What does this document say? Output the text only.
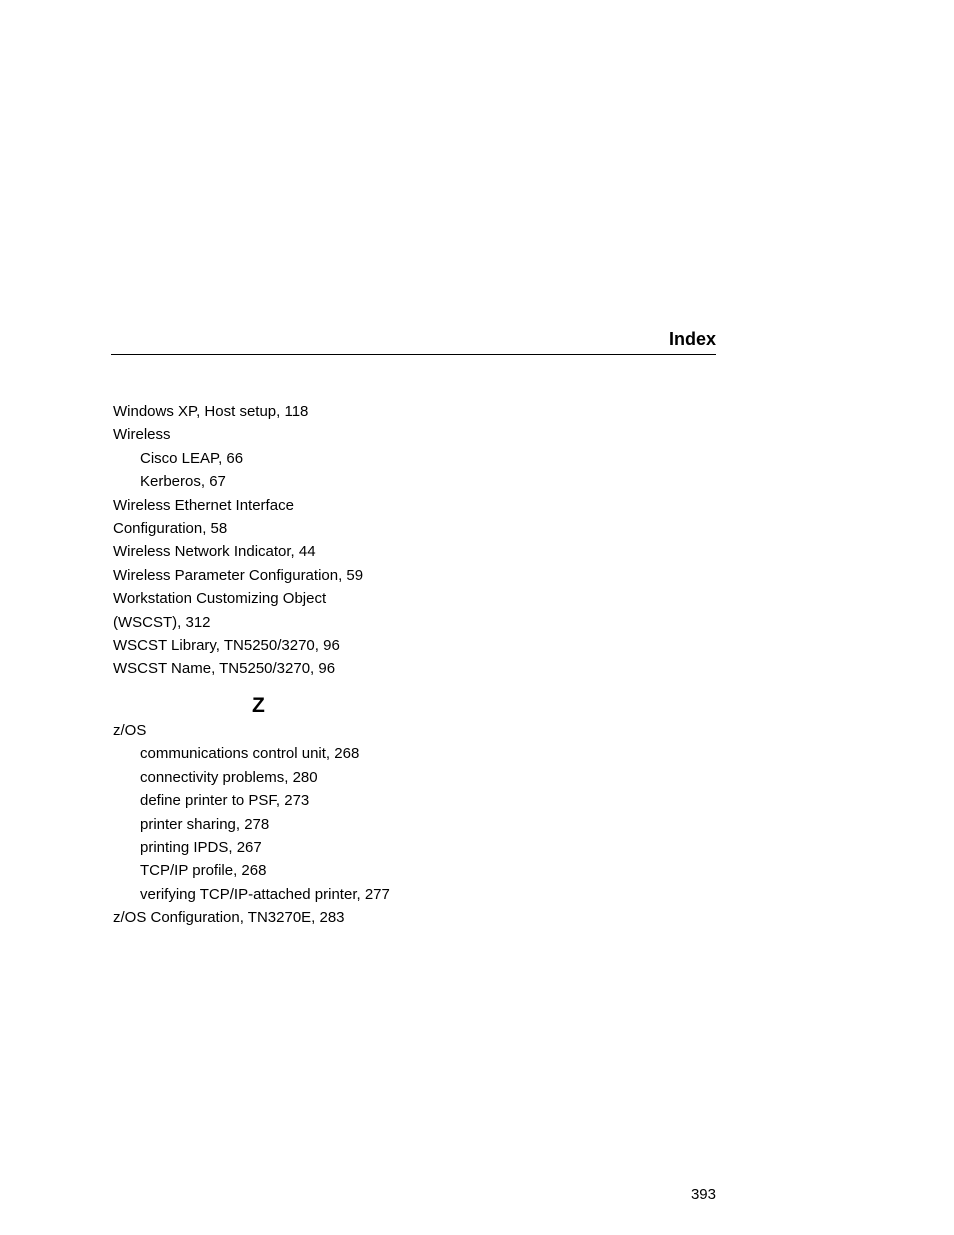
Index
Windows XP, Host setup, 118
Wireless
Cisco LEAP, 66
Kerberos, 67
Wireless Ethernet Interface
Configuration, 58
Wireless Network Indicator, 44
Wireless Parameter Configuration, 59
Workstation Customizing Object
(WSCST), 312
WSCST Library, TN5250/3270, 96
WSCST Name, TN5250/3270, 96
Z
z/OS
communications control unit, 268
connectivity problems, 280
define printer to PSF, 273
printer sharing, 278
printing IPDS, 267
TCP/IP profile, 268
verifying TCP/IP-attached printer, 277
z/OS Configuration, TN3270E, 283
393
